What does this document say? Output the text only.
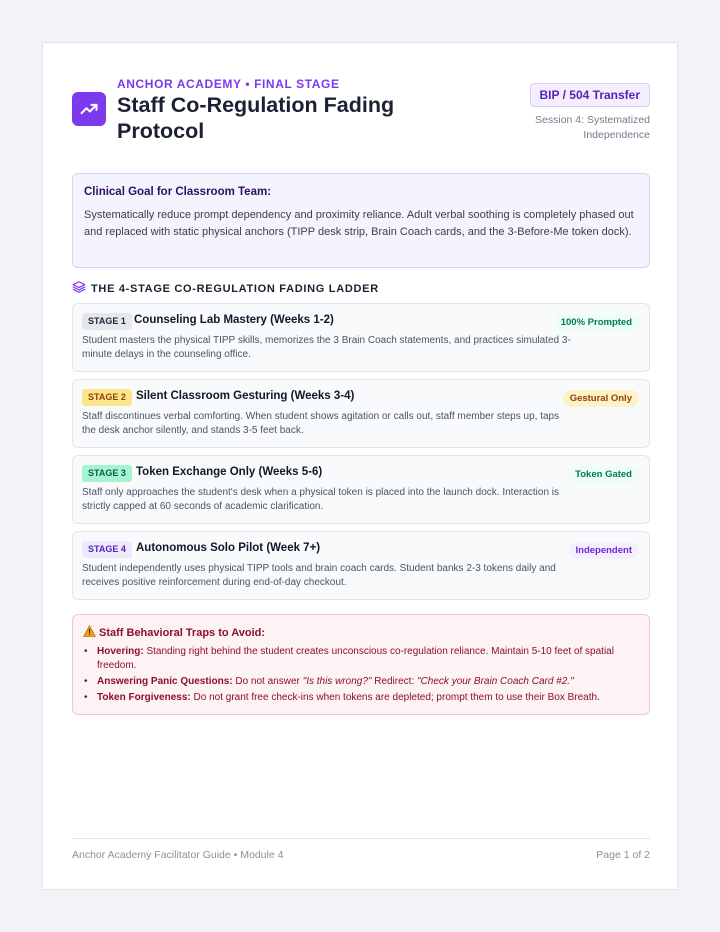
ANCHOR ACADEMY • FINAL STAGE
Staff Co-Regulation Fading Protocol
BIP / 504 Transfer
Session 4: Systematized Independence
Clinical Goal for Classroom Team:
Systematically reduce prompt dependency and proximity reliance. Adult verbal soothing is completely phased out and replaced with static physical anchors (TIPP desk strip, Brain Coach cards, and the 3-Before-Me token dock).
THE 4-STAGE CO-REGULATION FADING LADDER
STAGE 1 Counseling Lab Mastery (Weeks 1-2)	100% Prompted
Student masters the physical TIPP skills, memorizes the 3 Brain Coach statements, and practices simulated 3-minute delays in the counseling office.
STAGE 2 Silent Classroom Gesturing (Weeks 3-4)	Gestural Only
Staff discontinues verbal comforting. When student shows agitation or calls out, staff member steps up, taps the desk anchor silently, and stands 3-5 feet back.
STAGE 3 Token Exchange Only (Weeks 5-6)	Token Gated
Staff only approaches the student's desk when a physical token is placed into the launch dock. Interaction is strictly capped at 60 seconds of academic clarification.
STAGE 4 Autonomous Solo Pilot (Week 7+)	Independent
Student independently uses physical TIPP tools and brain coach cards. Student banks 2-3 tokens daily and receives positive reinforcement during end-of-day checkout.
Staff Behavioral Traps to Avoid:
• Hovering: Standing right behind the student creates unconscious co-regulation reliance. Maintain 5-10 feet of spatial freedom.
• Answering Panic Questions: Do not answer "Is this wrong?" Redirect: "Check your Brain Coach Card #2."
• Token Forgiveness: Do not grant free check-ins when tokens are depleted; prompt them to use their Box Breath.
Anchor Academy Facilitator Guide • Module 4	Page 1 of 2
